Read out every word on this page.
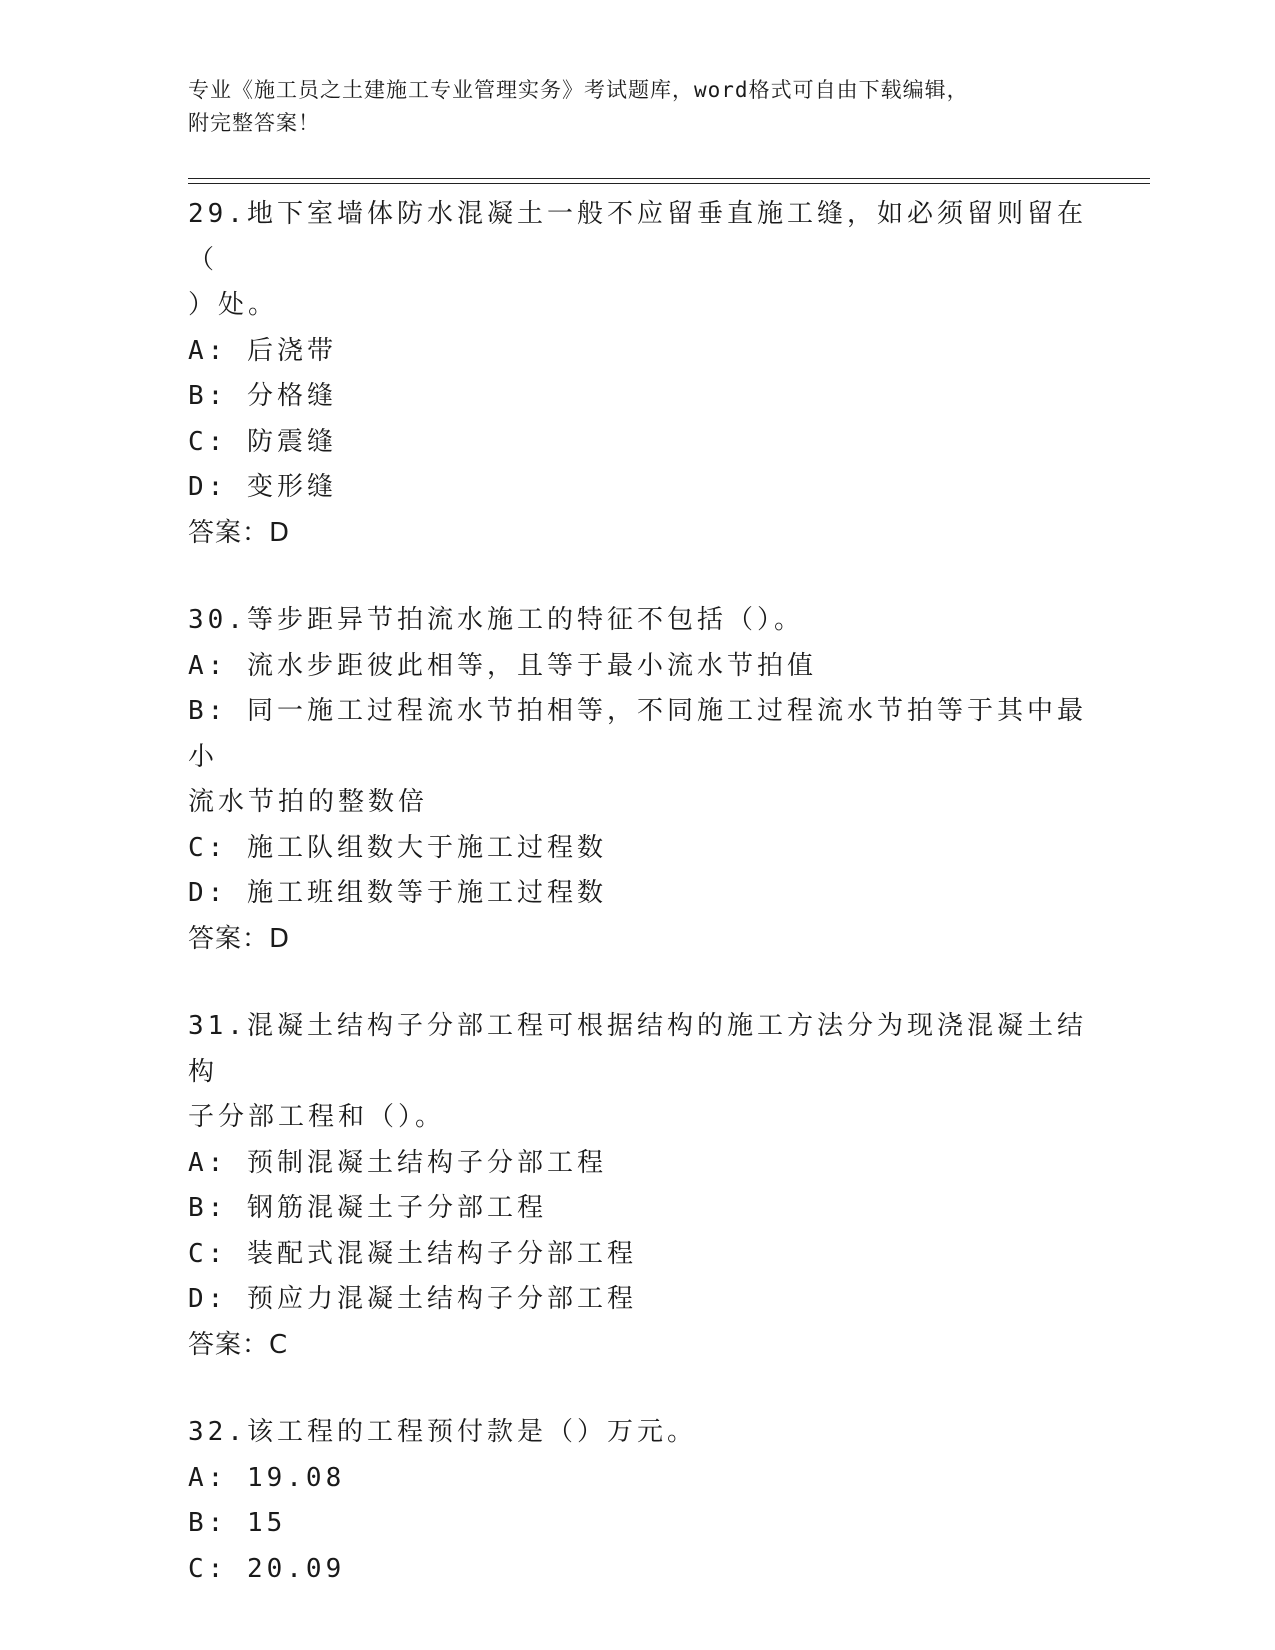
专业《施工员之土建施工专业管理实务》考试题库，word格式可自由下载编辑，
附完整答案！
29.地下室墙体防水混凝土一般不应留垂直施工缝，如必须留则留在（
）处。
A: 后浇带
B: 分格缝
C: 防震缝
D: 变形缝
答案：D
30.等步距异节拍流水施工的特征不包括（）。
A: 流水步距彼此相等，且等于最小流水节拍值
B: 同一施工过程流水节拍相等，不同施工过程流水节拍等于其中最小
流水节拍的整数倍
C: 施工队组数大于施工过程数
D: 施工班组数等于施工过程数
答案：D
31.混凝土结构子分部工程可根据结构的施工方法分为现浇混凝土结构
子分部工程和（）。
A: 预制混凝土结构子分部工程
B: 钢筋混凝土子分部工程
C: 装配式混凝土结构子分部工程
D: 预应力混凝土结构子分部工程
答案：C
32.该工程的工程预付款是（）万元。
A: 19.08
B: 15
C: 20.09
